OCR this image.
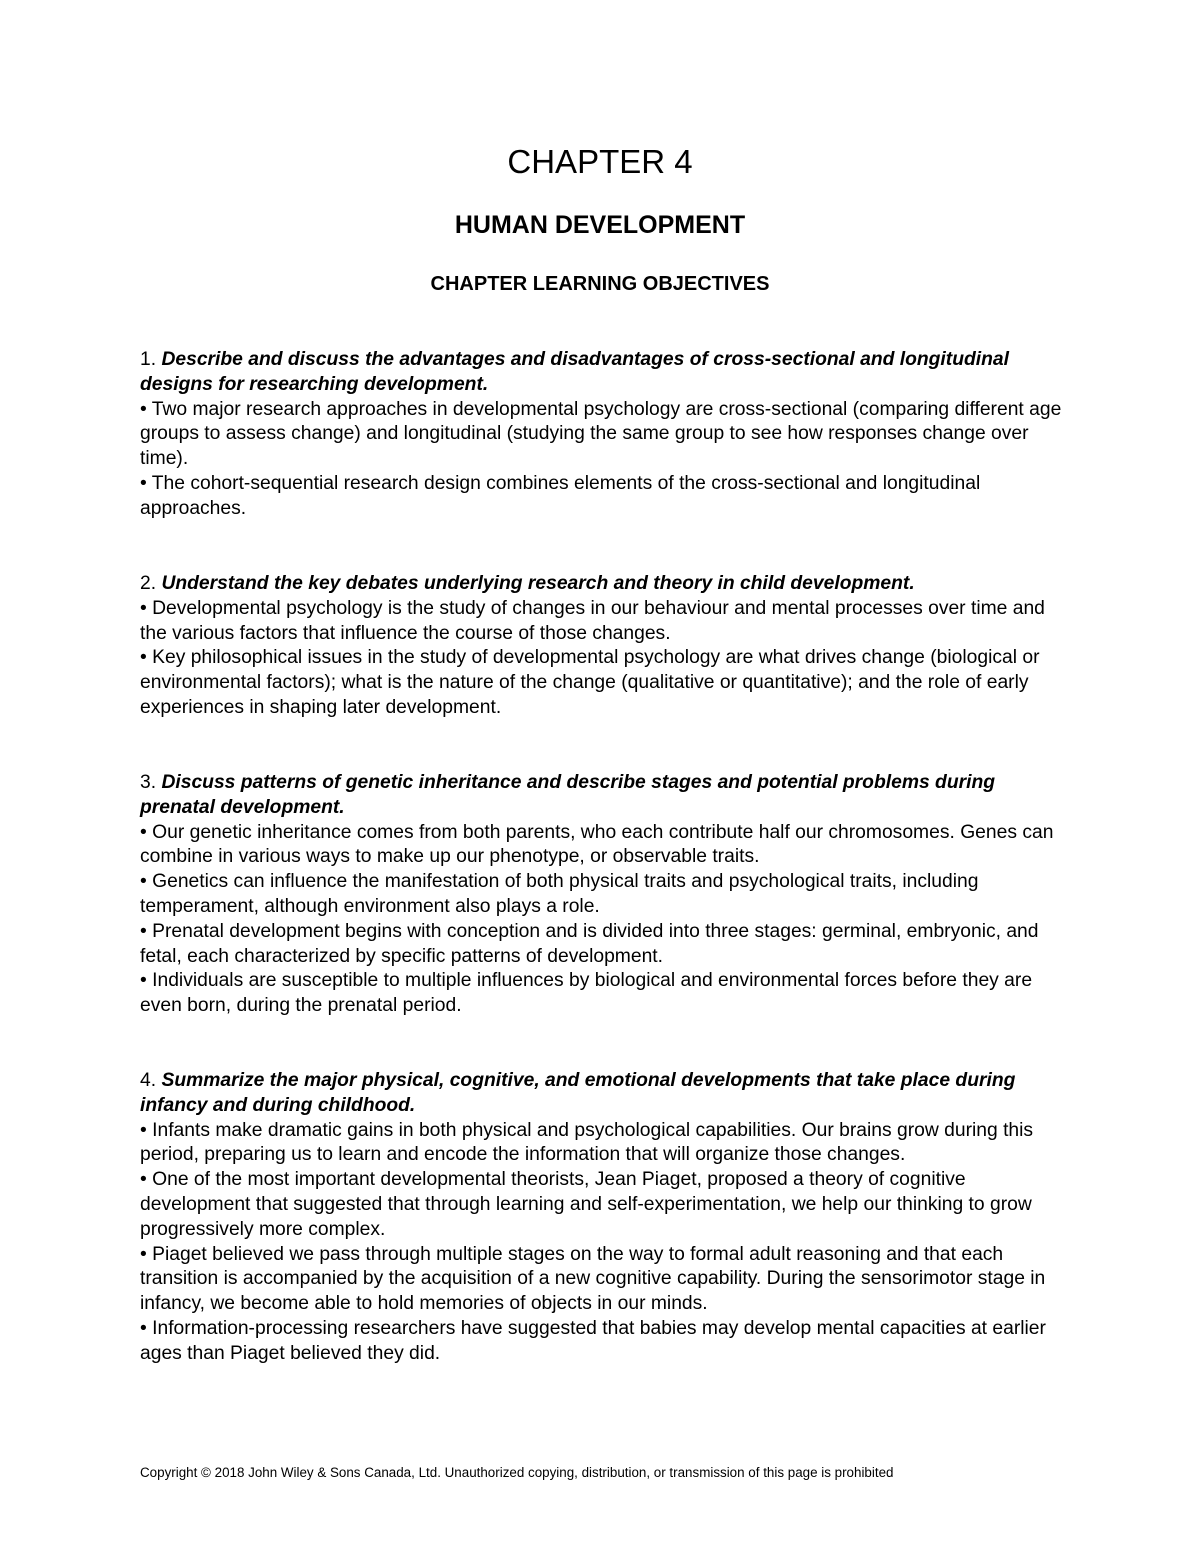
CHAPTER 4
HUMAN DEVELOPMENT
CHAPTER LEARNING OBJECTIVES

1. Describe and discuss the advantages and disadvantages of cross-sectional and longitudinal designs for researching development.

• Two major research approaches in developmental psychology are cross-sectional (comparing different age groups to assess change) and longitudinal (studying the same group to see how responses change over time).

• The cohort-sequential research design combines elements of the cross-sectional and longitudinal approaches.

2. Understand the key debates underlying research and theory in child development.

• Developmental psychology is the study of changes in our behaviour and mental processes over time and the various factors that influence the course of those changes.

• Key philosophical issues in the study of developmental psychology are what drives change (biological or environmental factors); what is the nature of the change (qualitative or quantitative); and the role of early experiences in shaping later development.

3. Discuss patterns of genetic inheritance and describe stages and potential problems during prenatal development.

• Our genetic inheritance comes from both parents, who each contribute half our chromosomes. Genes can combine in various ways to make up our phenotype, or observable traits.

• Genetics can influence the manifestation of both physical traits and psychological traits, including temperament, although environment also plays a role.

• Prenatal development begins with conception and is divided into three stages: germinal, embryonic, and fetal, each characterized by specific patterns of development.

• Individuals are susceptible to multiple influences by biological and environmental forces before they are even born, during the prenatal period.

4. Summarize the major physical, cognitive, and emotional developments that take place during infancy and during childhood.

• Infants make dramatic gains in both physical and psychological capabilities. Our brains grow during this period, preparing us to learn and encode the information that will organize those changes.

• One of the most important developmental theorists, Jean Piaget, proposed a theory of cognitive development that suggested that through learning and self-experimentation, we help our thinking to grow progressively more complex.

• Piaget believed we pass through multiple stages on the way to formal adult reasoning and that each transition is accompanied by the acquisition of a new cognitive capability. During the sensorimotor stage in infancy, we become able to hold memories of objects in our minds.

• Information-processing researchers have suggested that babies may develop mental capacities at earlier ages than Piaget believed they did.

Copyright © 2018 John Wiley & Sons Canada, Ltd. Unauthorized copying, distribution, or transmission of this page is prohibited
